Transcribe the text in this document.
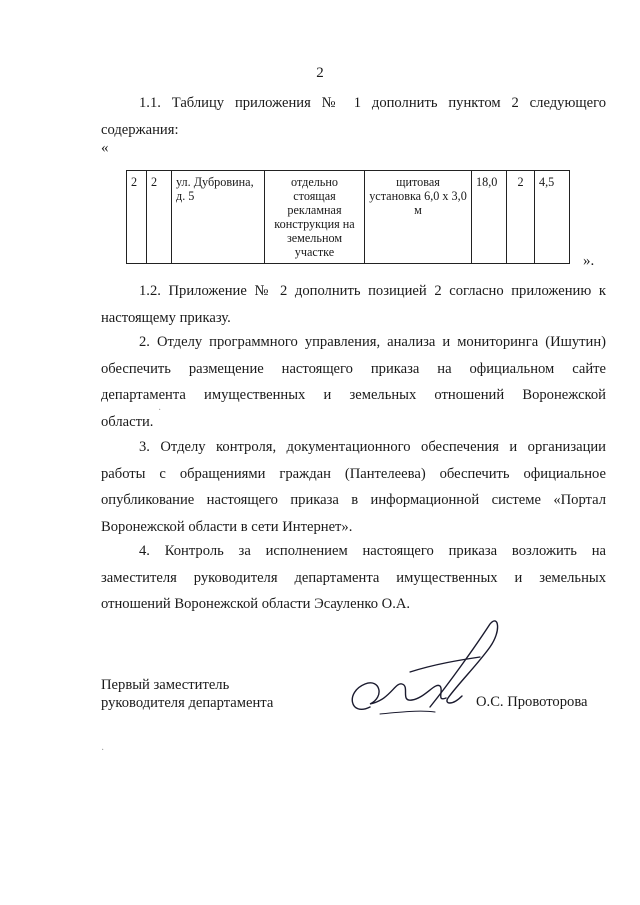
2
1.1. Таблицу приложения № 1 дополнить пунктом 2 следующего
содержания:
«
2	2	ул. Дубровина, д. 5	отдельно стоящая рекламная конструкция на земельном участке	щитовая установка 6,0 х 3,0 м	18,0	2	4,5
».
1.2. Приложение № 2 дополнить позицией 2 согласно приложению к
настоящему приказу.
2. Отделу программного управления, анализа и мониторинга (Ишутин)
обеспечить размещение настоящего приказа на официальном сайте
департамента имущественных и земельных отношений Воронежской
области.
3. Отделу контроля, документационного обеспечения и организации
работы с обращениями граждан (Пантелеева) обеспечить официальное
опубликование настоящего приказа в информационной системе «Портал
Воронежской области в сети Интернет».
4. Контроль за исполнением настоящего приказа возложить на
заместителя руководителя департамента имущественных и земельных
отношений Воронежской области Эсауленко О.А.
Первый заместитель
руководителя департамента	О.С. Провоторова
·
·
